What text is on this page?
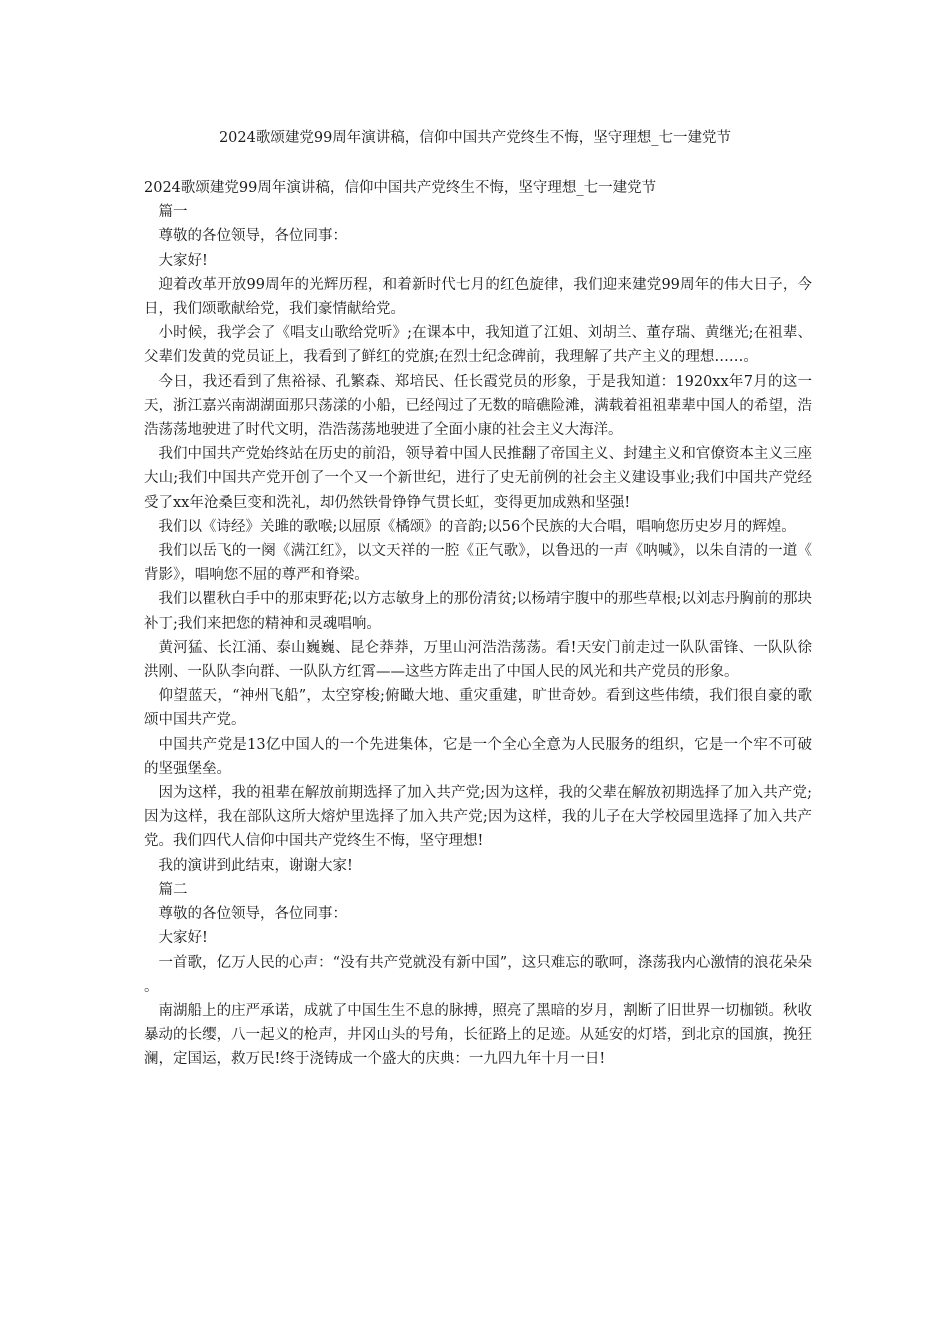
2024歌颂建党99周年演讲稿，信仰中国共产党终生不悔，坚守理想_七一建党节

2024歌颂建党99周年演讲稿，信仰中国共产党终生不悔，坚守理想_七一建党节

篇一

尊敬的各位领导，各位同事：

大家好!

迎着改革开放99周年的光辉历程，和着新时代七月的红色旋律，我们迎来建党99周年的伟大日子，今日，我们颂歌献给党，我们豪情献给党。

小时候，我学会了《唱支山歌给党听》;在课本中，我知道了江姐、刘胡兰、董存瑞、黄继光;在祖辈、父辈们发黄的党员证上，我看到了鲜红的党旗;在烈士纪念碑前，我理解了共产主义的理想……。

今日，我还看到了焦裕禄、孔繁森、郑培民、任长霞党员的形象，于是我知道：1920xx年7月的这一天，浙江嘉兴南湖湖面那只荡漾的小船，已经闯过了无数的暗礁险滩，满载着祖祖辈辈中国人的希望，浩浩荡荡地驶进了时代文明，浩浩荡荡地驶进了全面小康的社会主义大海洋。

我们中国共产党始终站在历史的前沿，领导着中国人民推翻了帝国主义、封建主义和官僚资本主义三座大山;我们中国共产党开创了一个又一个新世纪，进行了史无前例的社会主义建设事业;我们中国共产党经受了xx年沧桑巨变和洗礼，却仍然铁骨铮铮气贯长虹，变得更加成熟和坚强!

我们以《诗经》关雎的歌喉;以屈原《橘颂》的音韵;以56个民族的大合唱，唱响您历史岁月的辉煌。

我们以岳飞的一阕《满江红》，以文天祥的一腔《正气歌》，以鲁迅的一声《呐喊》，以朱自清的一道《背影》，唱响您不屈的尊严和脊梁。

我们以瞿秋白手中的那束野花;以方志敏身上的那份清贫;以杨靖宇腹中的那些草根;以刘志丹胸前的那块补丁;我们来把您的精神和灵魂唱响。

黄河猛、长江涌、泰山巍巍、昆仑莽莽，万里山河浩浩荡荡。看!天安门前走过一队队雷锋、一队队徐洪刚、一队队李向群、一队队方红霄——这些方阵走出了中国人民的风光和共产党员的形象。

仰望蓝天，“神州飞船”，太空穿梭;俯瞰大地、重灾重建，旷世奇妙。看到这些伟绩，我们很自豪的歌颂中国共产党。

中国共产党是13亿中国人的一个先进集体，它是一个全心全意为人民服务的组织，它是一个牢不可破的坚强堡垒。

因为这样，我的祖辈在解放前期选择了加入共产党;因为这样，我的父辈在解放初期选择了加入共产党;因为这样，我在部队这所大熔炉里选择了加入共产党;因为这样，我的儿子在大学校园里选择了加入共产党。我们四代人信仰中国共产党终生不悔，坚守理想!

我的演讲到此结束，谢谢大家!

篇二

尊敬的各位领导，各位同事：

大家好!

一首歌，亿万人民的心声：“没有共产党就没有新中国”，这只难忘的歌呵，涤荡我内心激情的浪花朵朵。

南湖船上的庄严承诺，成就了中国生生不息的脉搏，照亮了黑暗的岁月，割断了旧世界一切枷锁。秋收暴动的长缨，八一起义的枪声，井冈山头的号角，长征路上的足迹。从延安的灯塔，到北京的国旗，挽狂澜，定国运，救万民!终于浇铸成一个盛大的庆典：一九四九年十月一日!
